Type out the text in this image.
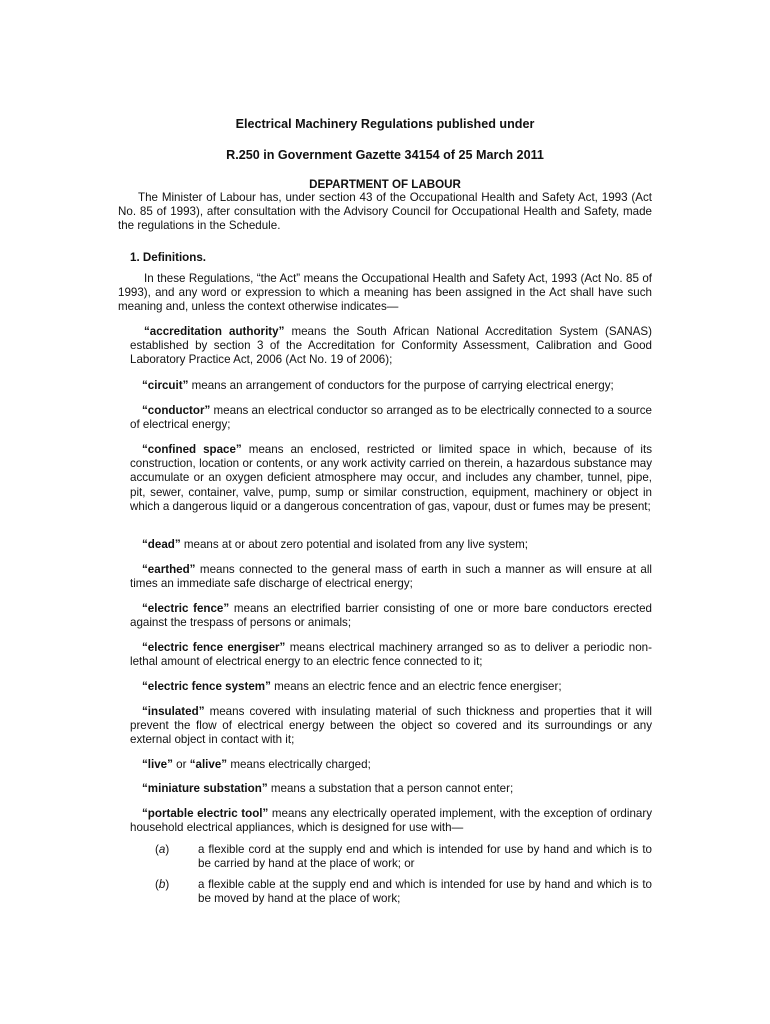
Electrical Machinery Regulations published under
R.250 in Government Gazette 34154 of 25 March 2011
DEPARTMENT OF LABOUR
The Minister of Labour has, under section 43 of the Occupational Health and Safety Act, 1993 (Act No. 85 of 1993), after consultation with the Advisory Council for Occupational Health and Safety, made the regulations in the Schedule.
1. Definitions.
In these Regulations, “the Act” means the Occupational Health and Safety Act, 1993 (Act No. 85 of 1993), and any word or expression to which a meaning has been assigned in the Act shall have such meaning and, unless the context otherwise indicates—
“accreditation authority” means the South African National Accreditation System (SANAS) established by section 3 of the Accreditation for Conformity Assessment, Calibration and Good Laboratory Practice Act, 2006 (Act No. 19 of 2006);
“circuit” means an arrangement of conductors for the purpose of carrying electrical energy;
“conductor” means an electrical conductor so arranged as to be electrically connected to a source of electrical energy;
“confined space” means an enclosed, restricted or limited space in which, because of its construction, location or contents, or any work activity carried on therein, a hazardous substance may accumulate or an oxygen deficient atmosphere may occur, and includes any chamber, tunnel, pipe, pit, sewer, container, valve, pump, sump or similar construction, equipment, machinery or object in which a dangerous liquid or a dangerous concentration of gas, vapour, dust or fumes may be present;
“dead” means at or about zero potential and isolated from any live system;
“earthed” means connected to the general mass of earth in such a manner as will ensure at all times an immediate safe discharge of electrical energy;
“electric fence” means an electrified barrier consisting of one or more bare conductors erected against the trespass of persons or animals;
“electric fence energiser” means electrical machinery arranged so as to deliver a periodic non-lethal amount of electrical energy to an electric fence connected to it;
“electric fence system” means an electric fence and an electric fence energiser;
“insulated” means covered with insulating material of such thickness and properties that it will prevent the flow of electrical energy between the object so covered and its surroundings or any external object in contact with it;
“live” or “alive” means electrically charged;
“miniature substation” means a substation that a person cannot enter;
“portable electric tool” means any electrically operated implement, with the exception of ordinary household electrical appliances, which is designed for use with—
(a) a flexible cord at the supply end and which is intended for use by hand and which is to be carried by hand at the place of work; or
(b) a flexible cable at the supply end and which is intended for use by hand and which is to be moved by hand at the place of work;
